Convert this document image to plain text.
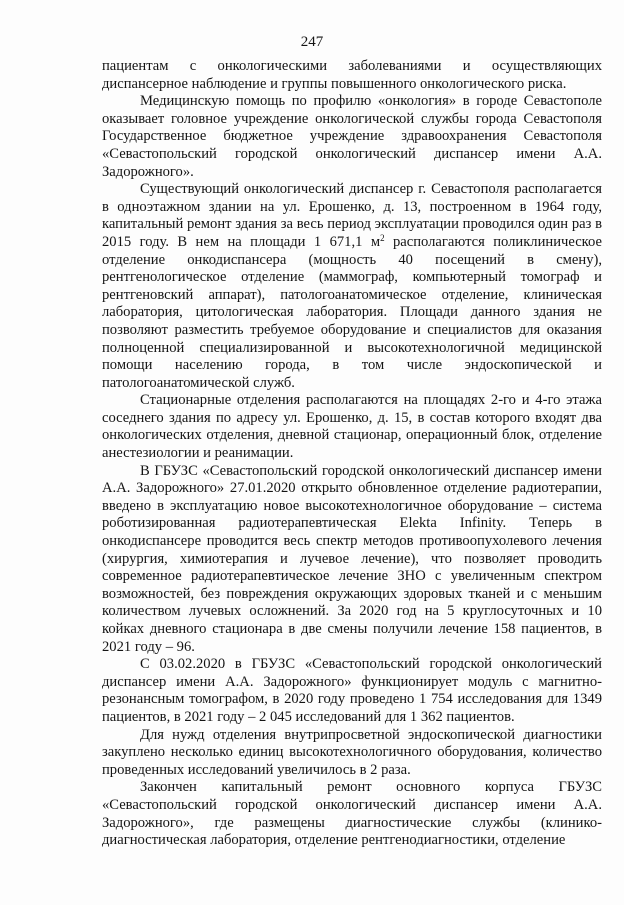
247

пациентам с онкологическими заболеваниями и осуществляющих диспансерное наблюдение и группы повышенного онкологического риска.

Медицинскую помощь по профилю «онкология» в городе Севастополе оказывает головное учреждение онкологической службы города Севастополя Государственное бюджетное учреждение здравоохранения Севастополя «Севастопольский городской онкологический диспансер имени А.А. Задорожного».

Существующий онкологический диспансер г. Севастополя располагается в одноэтажном здании на ул. Ерошенко, д. 13, построенном в 1964 году, капитальный ремонт здания за весь период эксплуатации проводился один раз в 2015 году. В нем на площади 1 671,1 $м^2$ располагаются поликлиническое отделение онкодиспансера (мощность 40 посещений в смену), рентгенологическое отделение (маммограф, компьютерный томограф и рентгеновский аппарат), патологоанатомическое отделение, клиническая лаборатория, цитологическая лаборатория. Площади данного здания не позволяют разместить требуемое оборудование и специалистов для оказания полноценной специализированной и высокотехнологичной медицинской помощи населению города, в том числе эндоскопической и патологоанатомической служб.

Стационарные отделения располагаются на площадях 2-го и 4-го этажа соседнего здания по адресу ул. Ерошенко, д. 15, в состав которого входят два онкологических отделения, дневной стационар, операционный блок, отделение анестезиологии и реанимации.

В ГБУЗС «Севастопольский городской онкологический диспансер имени А.А. Задорожного» 27.01.2020 открыто обновленное отделение радиотерапии, введено в эксплуатацию новое высокотехнологичное оборудование – система роботизированная радиотерапевтическая Elekta Infinity. Теперь в онкодиспансере проводится весь спектр методов противоопухолевого лечения (хирургия, химиотерапия и лучевое лечение), что позволяет проводить современное радиотерапевтическое лечение ЗНО с увеличенным спектром возможностей, без повреждения окружающих здоровых тканей и с меньшим количеством лучевых осложнений. За 2020 год на 5 круглосуточных и 10 койках дневного стационара в две смены получили лечение 158 пациентов, в 2021 году – 96.

С 03.02.2020 в ГБУЗС «Севастопольский городской онкологический диспансер имени А.А. Задорожного» функционирует модуль с магнитно-резонансным томографом, в 2020 году проведено 1 754 исследования для 1349 пациентов, в 2021 году – 2 045 исследований для 1 362 пациентов.

Для нужд отделения внутрипросветной эндоскопической диагностики закуплено несколько единиц высокотехнологичного оборудования, количество проведенных исследований увеличилось в 2 раза.

Закончен капитальный ремонт основного корпуса ГБУЗС «Севастопольский городской онкологический диспансер имени А.А. Задорожного», где размещены диагностические службы (клинико-диагностическая лаборатория, отделение рентгенодиагностики, отделение
